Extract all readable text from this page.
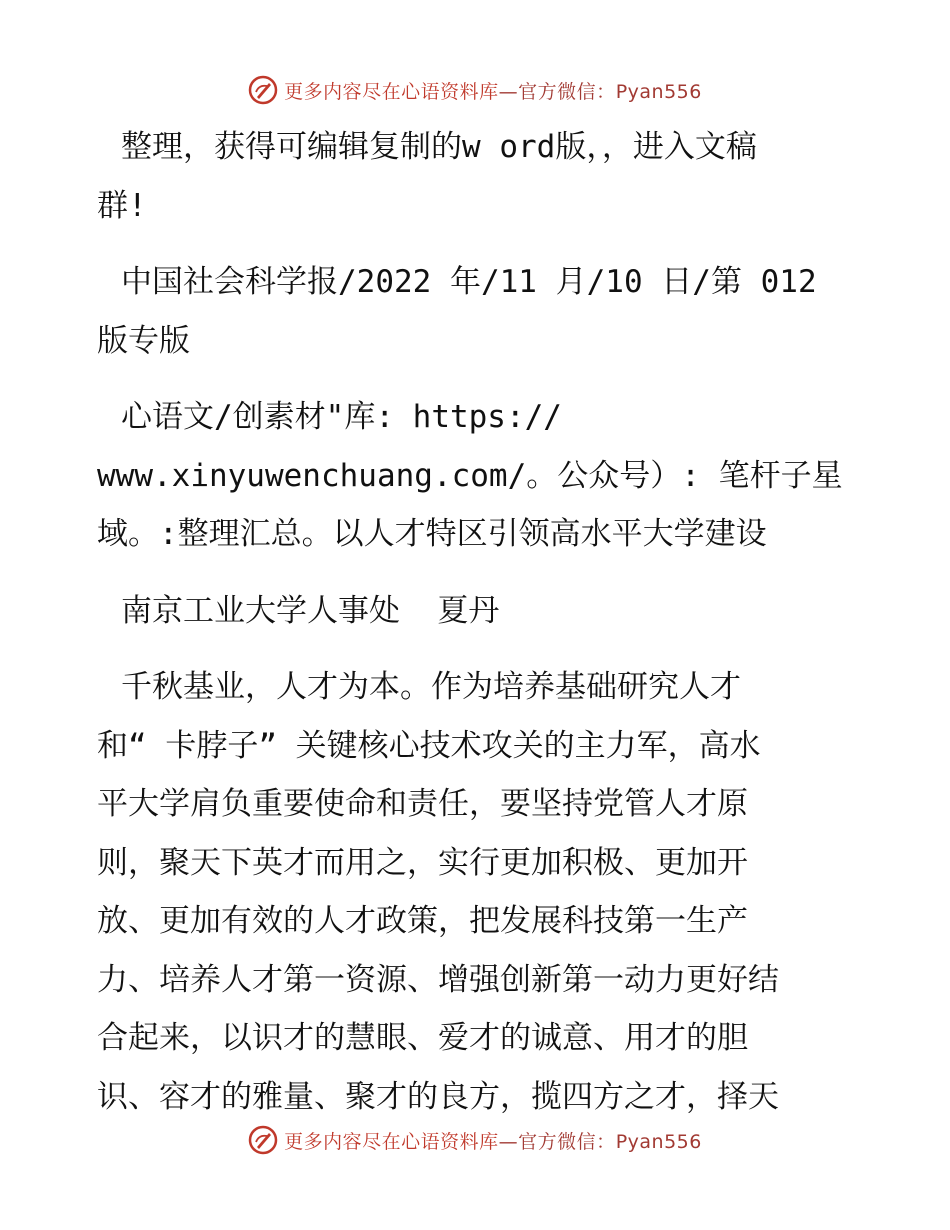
更多内容尽在心语资料库—官方微信：Pyan556
整理，获得可编辑复制的w ord版，，进入文稿
群!
中国社会科学报/2022 年/11 月/10 日/第 012
版专版
心语文/创素材"库: https://
www.xinyuwenchuang.com/。公众号）: 笔杆子星
域。:整理汇总。以人才特区引领高水平大学建设
南京工业大学人事处  夏丹
千秋基业，人才为本。作为培养基础研究人才
和“ 卡脖子” 关键核心技术攻关的主力军，高水
平大学肩负重要使命和责任，要坚持党管人才原
则，聚天下英才而用之，实行更加积极、更加开
放、更加有效的人才政策，把发展科技第一生产
力、培养人才第一资源、增强创新第一动力更好结
合起来，以识才的慧眼、爱才的诚意、用才的胆
识、容才的雅量、聚才的良方，揽四方之才，择天
更多内容尽在心语资料库—官方微信：Pyan556
